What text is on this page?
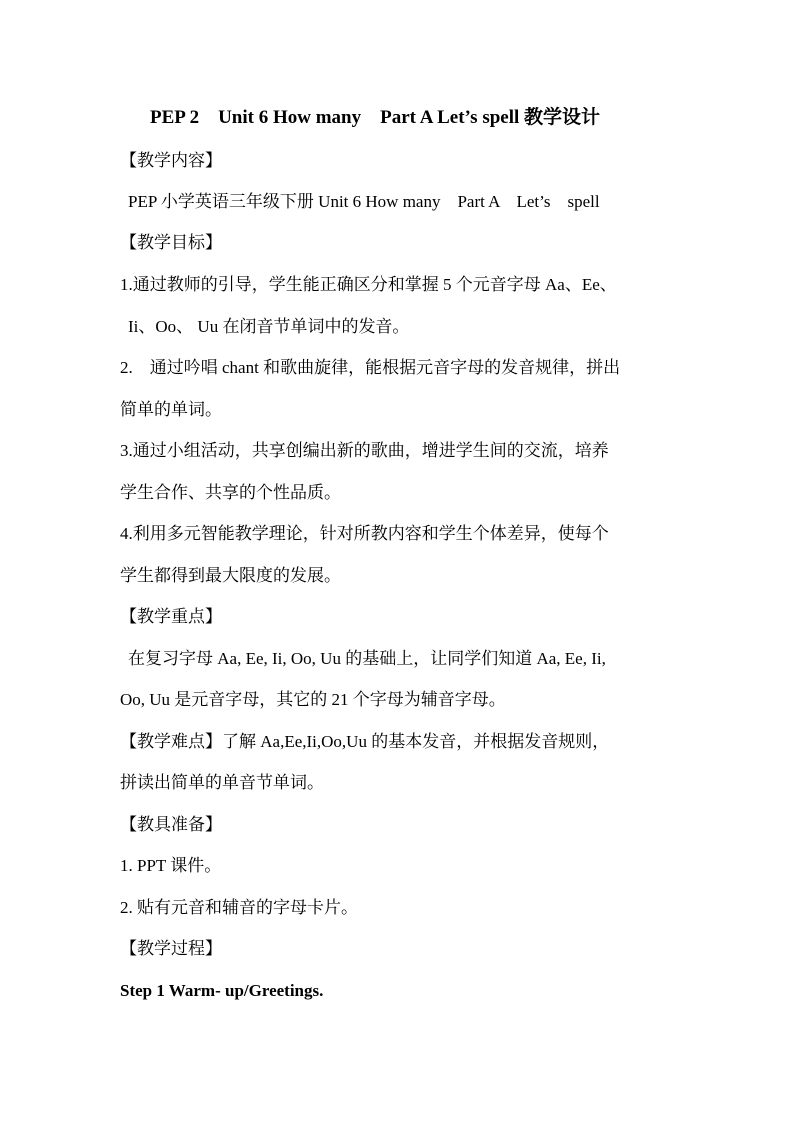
PEP 2　Unit 6 How many　Part A Let’s spell 教学设计
【教学内容】
PEP 小学英语三年级下册 Unit 6 How many　Part A　Let’s　spell
【教学目标】
1.通过教师的引导，学生能正确区分和掌握 5 个元音字母 Aa、Ee、
Ii、Oo、 Uu 在闭音节单词中的发音。
2.　通过吟唱 chant 和歌曲旋律，能根据元音字母的发音规律，拼出
简单的单词。
3.通过小组活动，共享创编出新的歌曲，增进学生间的交流，培养
学生合作、共享的个性品质。
4.利用多元智能教学理论，针对所教内容和学生个体差异，使每个
学生都得到最大限度的发展。
【教学重点】
在复习字母 Aa, Ee, Ii, Oo, Uu 的基础上，让同学们知道 Aa, Ee, Ii,
Oo, Uu 是元音字母，其它的 21 个字母为辅音字母。
【教学难点】了解 Aa,Ee,Ii,Oo,Uu 的基本发音，并根据发音规则，
拼读出简单的单音节单词。
【教具准备】
1. PPT 课件。
2. 贴有元音和辅音的字母卡片。
【教学过程】
Step 1 Warm- up/Greetings.
